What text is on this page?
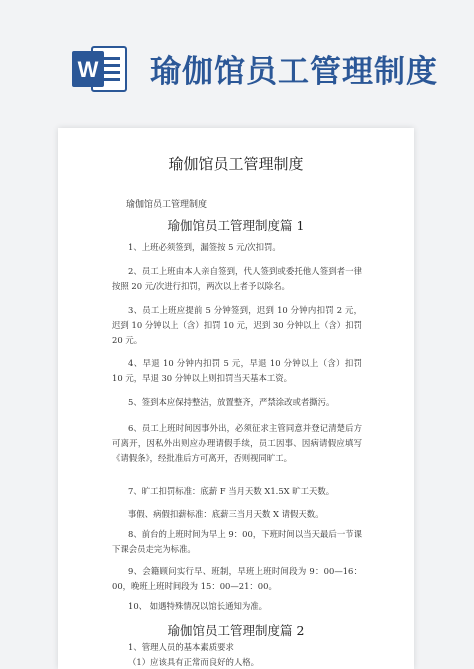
W 瑜伽馆员工管理制度
瑜伽馆员工管理制度
瑜伽馆员工管理制度
瑜伽馆员工管理制度篇 1

1、上班必须签到，漏签按 5 元/次扣罚。

2、员工上班由本人亲自签到，代人签到或委托他人签到者一律按照 20 元/次进行扣罚，两次以上者予以除名。

3、员工上班应提前 5 分钟签到，迟到 10 分钟内扣罚 2 元，迟到 10 分钟以上（含）扣罚 10 元，迟到 30 分钟以上（含）扣罚 20 元。

4、早退 10 分钟内扣罚 5 元，早退 10 分钟以上（含）扣罚 10 元，早退 30 分钟以上则扣罚当天基本工资。

5、签到本应保持整洁，放置整齐，严禁涂改或者撕污。

6、员工上班时间因事外出，必须征求主管同意并登记清楚后方可离开，因私外出则应办理请假手续，员工因事、因病请假应填写《请假条》，经批准后方可离开，否则视同旷工。

7、旷工扣罚标准：底薪 F 当月天数 X1.5X 旷工天数。

事假、病假扣薪标准：底薪三当月天数 X 请假天数。

8、前台的上班时间为早上 9：00，下班时间以当天最后一节课下课会员走完为标准。

9、会籍顾问实行早、班制，早班上班时间段为 9：00—16：00，晚班上班时间段为 15：00—21：00。

10、 如遇特殊情况以馆长通知为准。

瑜伽馆员工管理制度篇 2

1、管理人员的基本素质要求

（1）应该具有正常而良好的人格。
